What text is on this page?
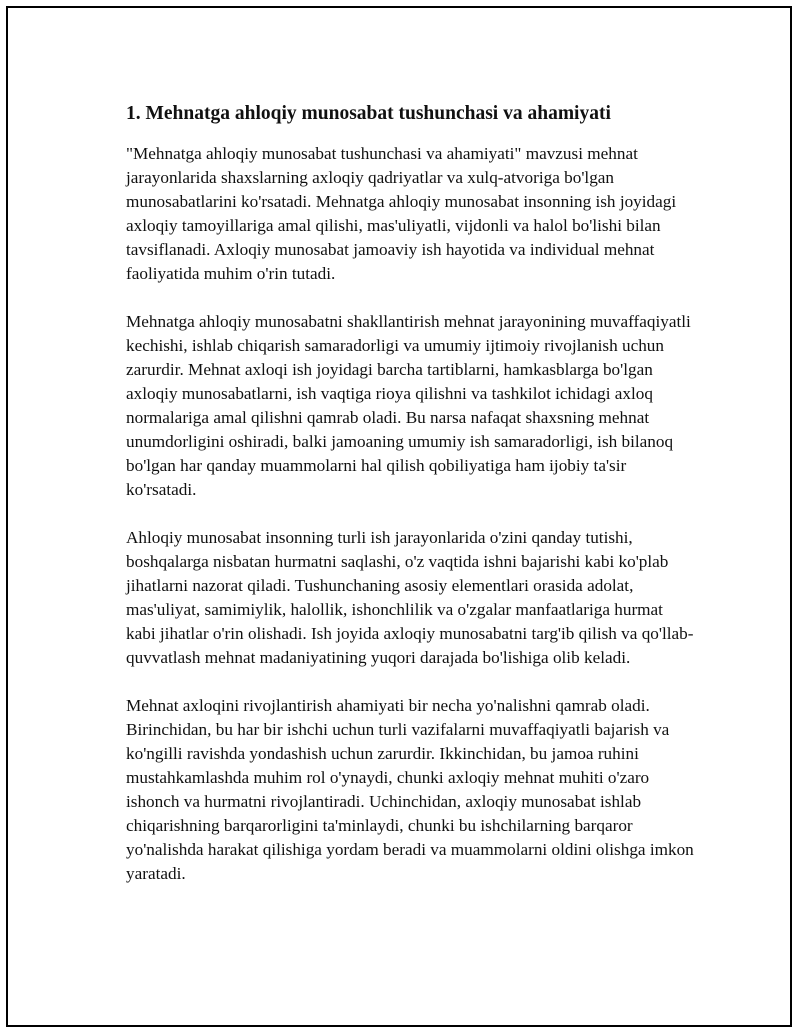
1. Mehnatga ahloqiy munosabat tushunchasi va ahamiyati

"Mehnatga ahloqiy munosabat tushunchasi va ahamiyati" mavzusi mehnat jarayonlarida shaxslarning axloqiy qadriyatlar va xulq-atvoriga bo'lgan munosabatlarini ko'rsatadi. Mehnatga ahloqiy munosabat insonning ish joyidagi axloqiy tamoyillariga amal qilishi, mas'uliyatli, vijdonli va halol bo'lishi bilan tavsiflanadi. Axloqiy munosabat jamoaviy ish hayotida va individual mehnat faoliyatida muhim o'rin tutadi.

Mehnatga ahloqiy munosabatni shakllantirish mehnat jarayonining muvaffaqiyatli kechishi, ishlab chiqarish samaradorligi va umumiy ijtimoiy rivojlanish uchun zarurdir. Mehnat axloqi ish joyidagi barcha tartiblarni, hamkasblarga bo'lgan axloqiy munosabatlarni, ish vaqtiga rioya qilishni va tashkilot ichidagi axloq normalariga amal qilishni qamrab oladi. Bu narsa nafaqat shaxsning mehnat unumdorligini oshiradi, balki jamoaning umumiy ish samaradorligi, ish bilanoq bo'lgan har qanday muammolarni hal qilish qobiliyatiga ham ijobiy ta'sir ko'rsatadi.

Ahloqiy munosabat insonning turli ish jarayonlarida o'zini qanday tutishi, boshqalarga nisbatan hurmatni saqlashi, o'z vaqtida ishni bajarishi kabi ko'plab jihatlarni nazorat qiladi. Tushunchaning asosiy elementlari orasida adolat, mas'uliyat, samimiylik, halollik, ishonchlilik va o'zgalar manfaatlariga hurmat kabi jihatlar o'rin olishadi. Ish joyida axloqiy munosabatni targ'ib qilish va qo'llab-quvvatlash mehnat madaniyatining yuqori darajada bo'lishiga olib keladi.

Mehnat axloqini rivojlantirish ahamiyati bir necha yo'nalishni qamrab oladi. Birinchidan, bu har bir ishchi uchun turli vazifalarni muvaffaqiyatli bajarish va ko'ngilli ravishda yondashish uchun zarurdir. Ikkinchidan, bu jamoa ruhini mustahkamlashda muhim rol o'ynaydi, chunki axloqiy mehnat muhiti o'zaro ishonch va hurmatni rivojlantiradi. Uchinchidan, axloqiy munosabat ishlab chiqarishning barqarorligini ta'minlaydi, chunki bu ishchilarning barqaror yo'nalishda harakat qilishiga yordam beradi va muammolarni oldini olishga imkon yaratadi.
